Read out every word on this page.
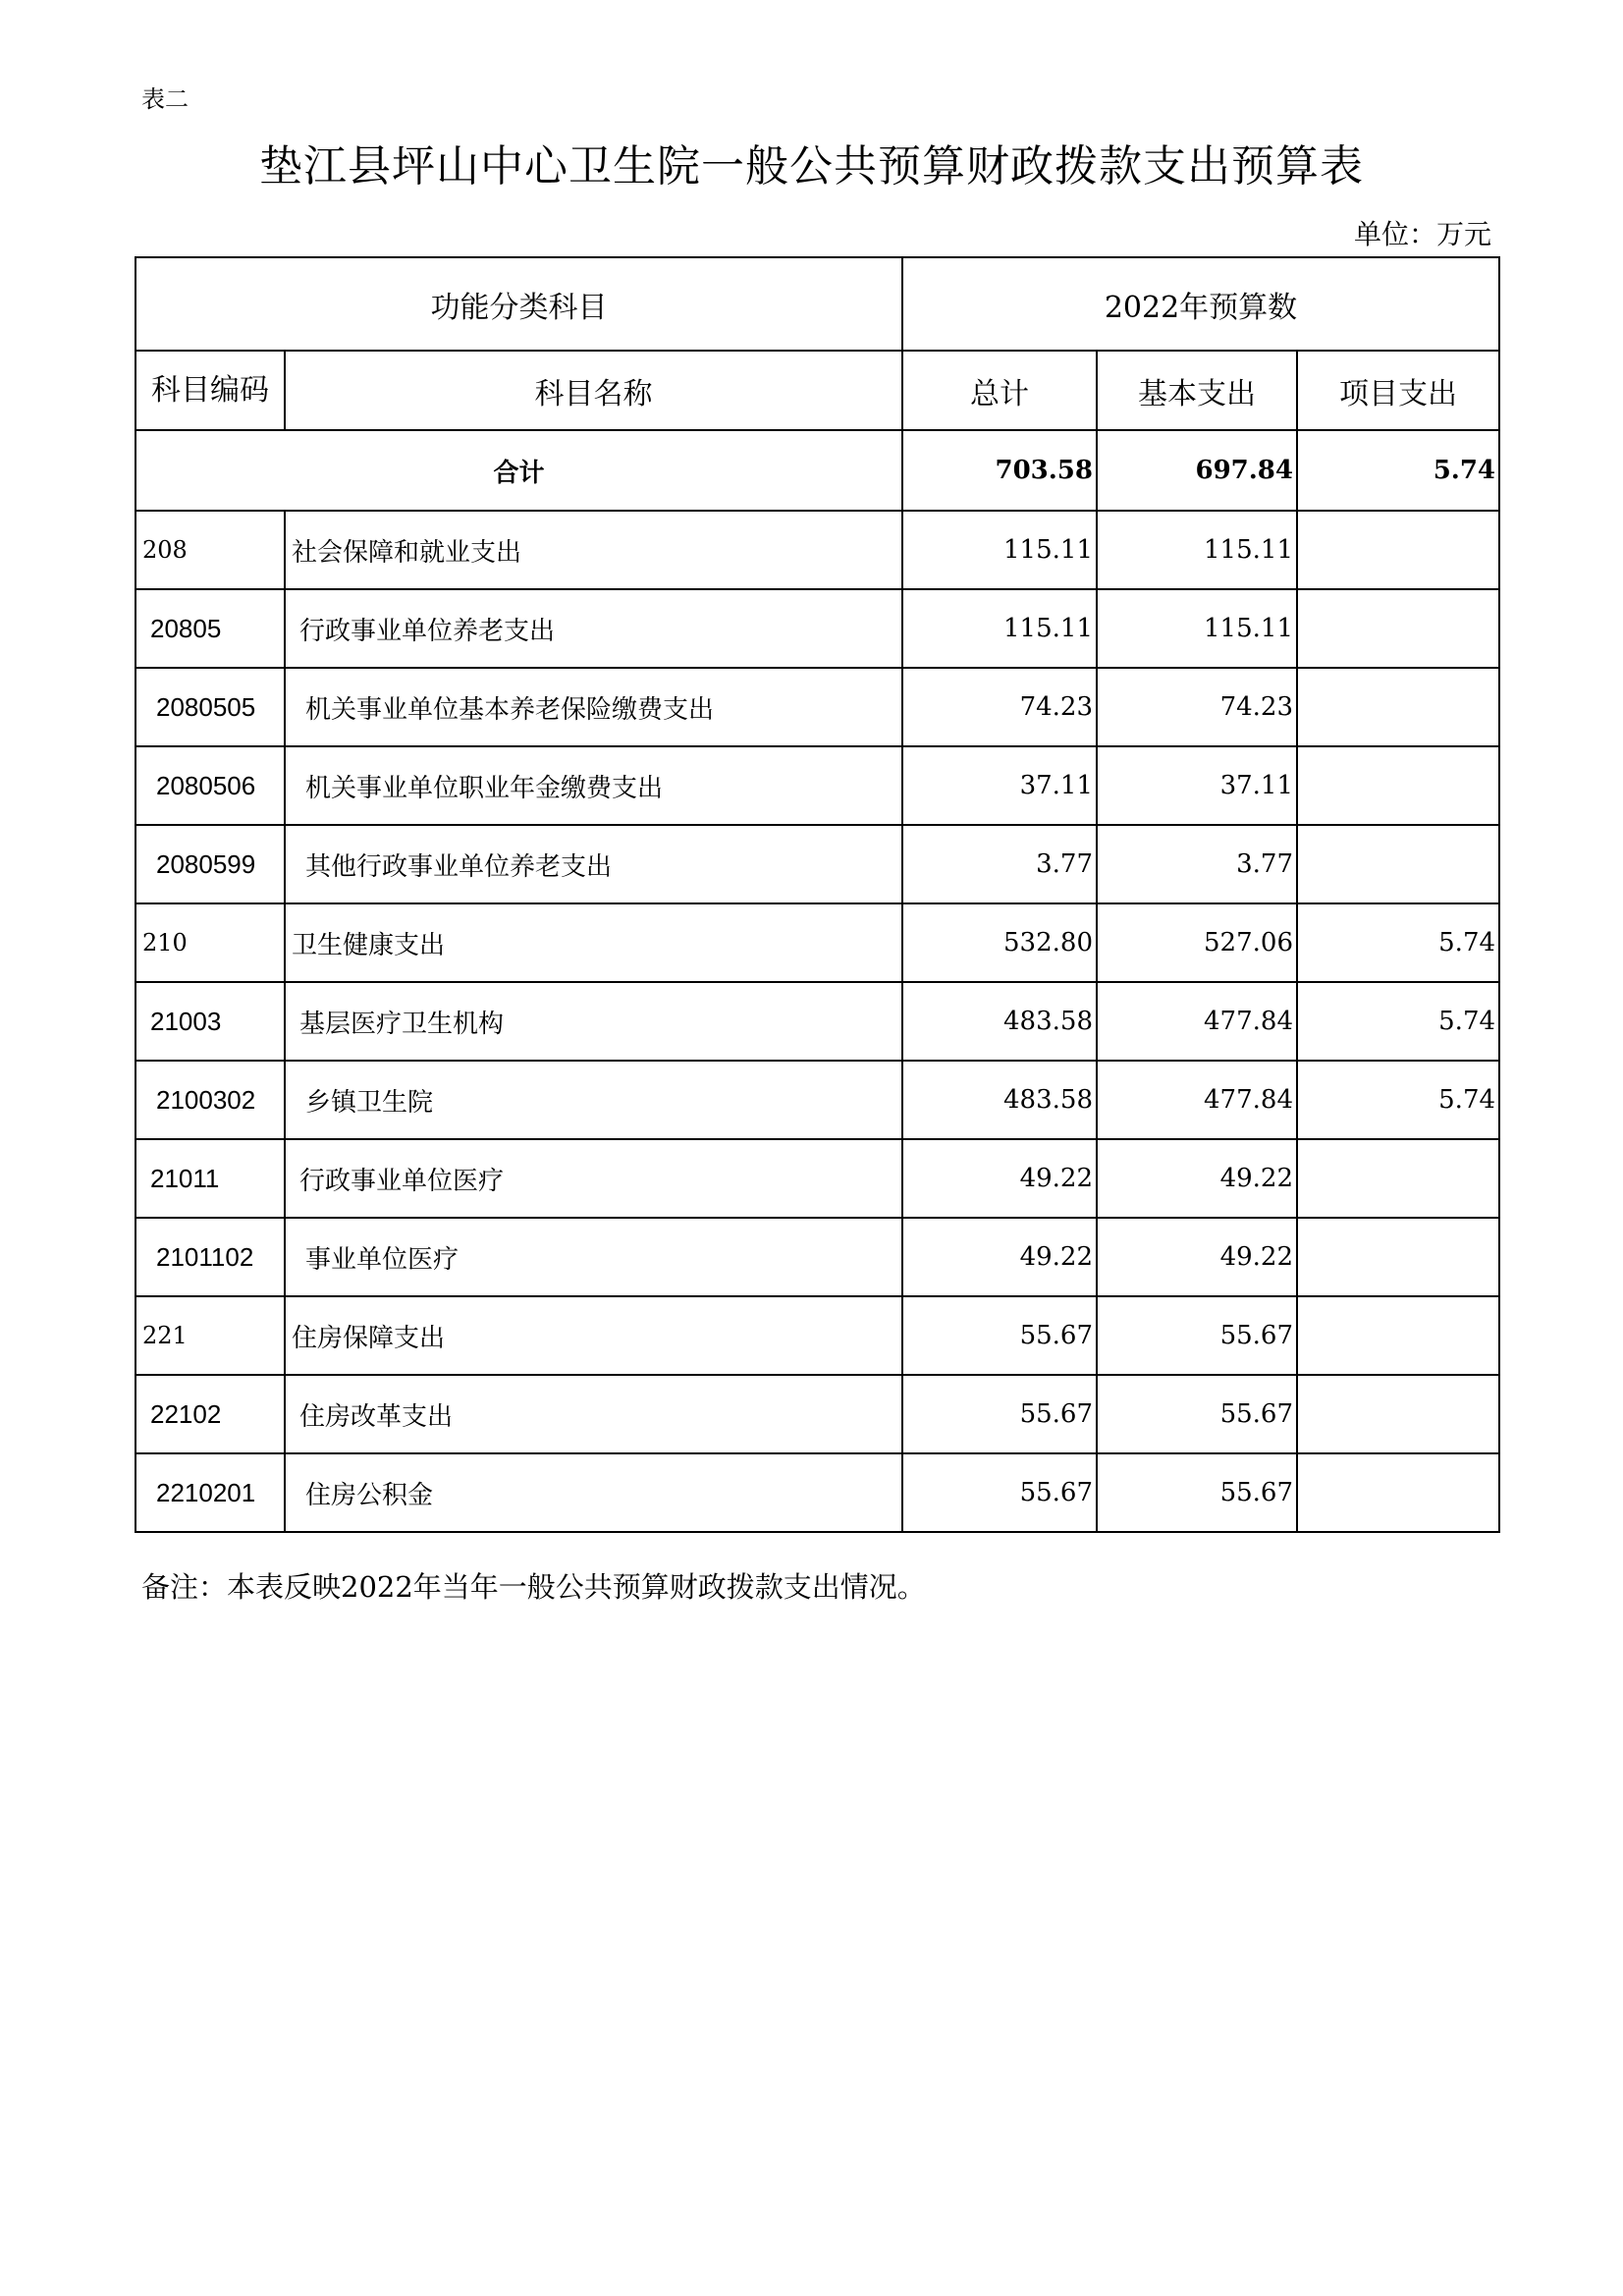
表二
垫江县坪山中心卫生院一般公共预算财政拨款支出预算表
单位：万元
功能分类科目		2022年预算数		
科目编码	科目名称	总计	基本支出	项目支出
合计		703.58	697.84	5.74
208	社会保障和就业支出	115.11	115.11	
20805	行政事业单位养老支出	115.11	115.11	
2080505	机关事业单位基本养老保险缴费支出	74.23	74.23	
2080506	机关事业单位职业年金缴费支出	37.11	37.11	
2080599	其他行政事业单位养老支出	3.77	3.77	
210	卫生健康支出	532.80	527.06	5.74
21003	基层医疗卫生机构	483.58	477.84	5.74
2100302	乡镇卫生院	483.58	477.84	5.74
21011	行政事业单位医疗	49.22	49.22	
2101102	事业单位医疗	49.22	49.22	
221	住房保障支出	55.67	55.67	
22102	住房改革支出	55.67	55.67	
2210201	住房公积金	55.67	55.67	
备注：本表反映2022年当年一般公共预算财政拨款支出情况。
